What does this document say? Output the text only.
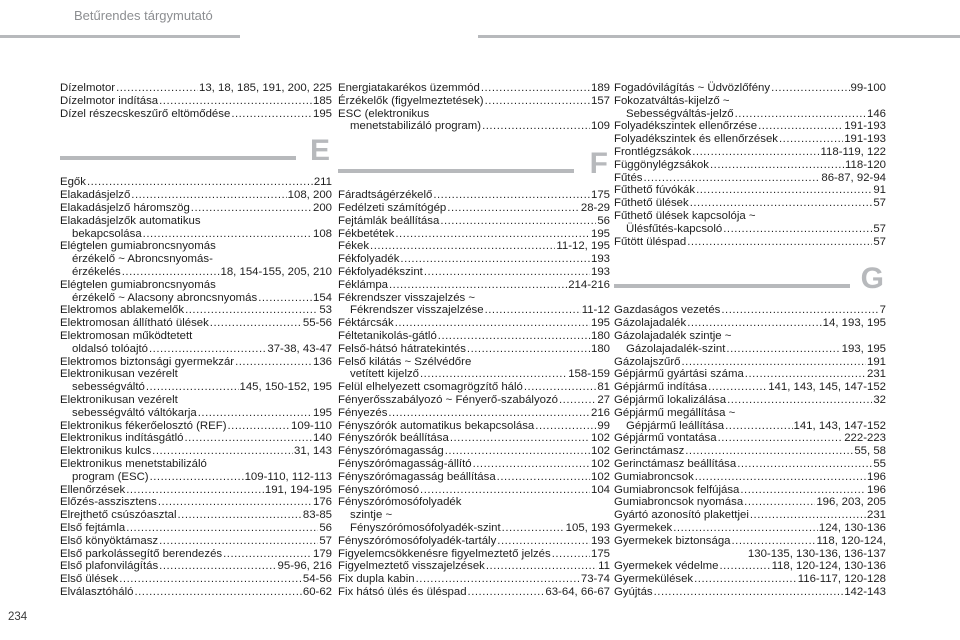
Betűrendes tárgymutató
Dízelmotor .....	13, 18, 185, 191, 200, 225
Dízelmotor indítása .....	185
Dízel részecskeszűrő eltömődése .....	195
E
Egők .....	211
Elakadásjelző .....	108, 200
Elakadásjelző háromszög .....	200
Elakadásjelzők automatikus
bekapcsolása .....	108
Elégtelen gumiabroncsnyomás
érzékelő ~ Abroncsnyomás-
érzékelés .....	18, 154-155, 205, 210
Elégtelen gumiabroncsnyomás
érzékelő ~ Alacsony abroncsnyomás .....	154
Elektromos ablakemelők .....	53
Elektromosan állítható ülések .....	55-56
Elektromosan működtetett
oldalsó tolóajtó .....	37-38, 43-47
Elektromos biztonsági gyermekzár .....	136
Elektronikusan vezérelt
sebességváltó .....	145, 150-152, 195
Elektronikusan vezérelt
sebességváltó váltókarja .....	195
Elektronikus fékerőelosztó (REF) .....	109-110
Elektronikus indításgátló .....	140
Elektronikus kulcs .....	31, 143
Elektronikus menetstabilizáló
program (ESC) .....	109-110, 112-113
Ellenőrzések .....	191, 194-195
Előzés-asszisztens .....	176
Elrejthető csúszóasztal .....	83-85
Első fejtámla .....	56
Első könyöktámasz .....	57
Első parkolássegítő berendezés .....	179
Első plafonvilágítás .....	95-96, 216
Első ülések .....	54-56
Elválasztóháló .....	60-62
Energiatakarékos üzemmód .....	189
Érzékelők (figyelmeztetések) .....	157
ESC (elektronikus
menetstabilizáló program) .....	109
F
Fáradtságérzékelő .....	175
Fedélzeti számítógép .....	28-29
Fejtámlák beállítása .....	56
Fékbetétek .....	195
Fékek .....	11-12, 195
Fékfolyadék .....	193
Fékfolyadékszint .....	193
Féklámpa .....	214-216
Fékrendszer visszajelzés ~
Fékrendszer visszajelzése .....	11-12
Féktárcsák .....	195
Féltetanikolás-gátló .....	180
Felső-hátsó hátratekintés .....	180
Felső kilátás ~ Szélvédőre
vetített kijelző .....	158-159
Felül elhelyezett csomagrögzítő háló .....	81
Fényerősszabályozó ~ Fényerő-szabályozó .....	27
Fényezés .....	216
Fényszórók automatikus bekapcsolása .....	99
Fényszórók beállítása .....	102
Fényszórómagasság .....	102
Fényszórómagasság-állító .....	102
Fényszórómagasság beállítása .....	102
Fényszórómosó .....	104
Fényszórómosófolyadék
szintje ~
Fényszórómosófolyadék-szint .....	105, 193
Fényszórómosófolyadék-tartály .....	193
Figyelemcsökkenésre figyelmeztető jelzés .....	175
Figyelmeztető visszajelzések .....	11
Fix dupla kabin .....	73-74
Fix hátsó ülés és üléspad .....	63-64, 66-67
Fogadóvilágítás ~ Üdvözlőfény .....	99-100
Fokozatváltás-kijelző ~
Sebességváltás-jelző .....	146
Folyadékszintek ellenőrzése .....	191-193
Folyadékszintek és ellenőrzések .....	191-193
Frontlégzsákok .....	118-119, 122
Függönylégzsákok .....	118-120
Fűtés .....	86-87, 92-94
Fűthető fúvókák .....	91
Fűthető ülések .....	57
Fűthető ülések kapcsolója ~
Ülésfűtés-kapcsoló .....	57
Fűtött üléspad .....	57
G
Gazdaságos vezetés .....	7
Gázolajadalék .....	14, 193, 195
Gázolajadalék szintje ~
Gázolajadalék-szint .....	193, 195
Gázolajszűrő .....	191
Gépjármű gyártási száma .....	231
Gépjármű indítása .....	141, 143, 145, 147-152
Gépjármű lokalizálása .....	32
Gépjármű megállítása ~
Gépjármű leállítása .....	141, 143, 147-152
Gépjármű vontatása .....	222-223
Gerinctámasz .....	55, 58
Gerinctámasz beállítása .....	55
Gumiabroncsok .....	196
Gumiabroncsok felfújása .....	196
Gumiabroncsok nyomása .....	196, 203, 205
Gyártó azonosító plakettjei .....	231
Gyermekek .....	124, 130-136
Gyermekek biztonsága .....	118, 120-124,
130-135, 130-136, 136-137
Gyermekek védelme .....	118, 120-124, 130-136
Gyermekülések .....	116-117, 120-128
Gyújtás .....	142-143
234
